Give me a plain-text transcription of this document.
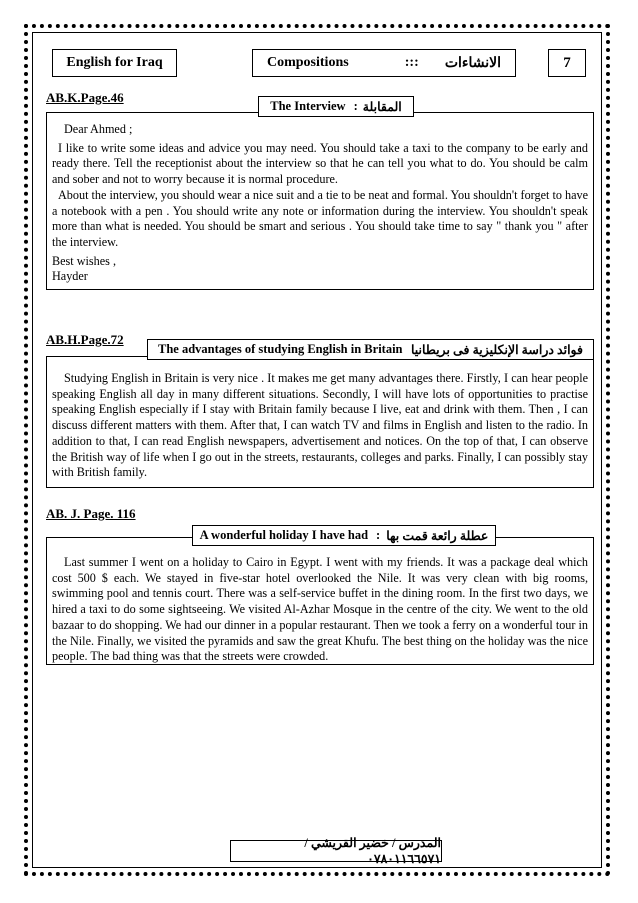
English for Iraq	Compositions	::: الانشاءات	7
AB.K.Page.46
The Interview : المقابلة

Dear Ahmed ;

I like to write some ideas and advice you may need. You should take a taxi to the company to be early and ready there. Tell the receptionist about the interview so that he can tell you what to do. You should be calm and sober and not to worry because it is normal procedure.

About the interview, you should wear a nice suit and a tie to be neat and formal. You shouldn't forget to have a notebook with a pen . You should write any note or information during the interview. You shouldn't speak more than what is needed. You should be smart and serious . You should take time to say " thank you " after the interview.

Best wishes ,

Hayder

AB.H.Page.72
The advantages of studying English in Britain فوائد دراسة الإنكليزية فى بريطانيا

Studying English in Britain is very nice . It makes me get many advantages there. Firstly, I can hear people speaking English all day in many different situations. Secondly, I will have lots of opportunities to practise speaking English especially if I stay with Britain family because I live, eat and drink with them. Then , I can discuss different matters with them. After that, I can watch TV and films in English and listen to the radio. In addition to that, I can read English newspapers, advertisement and notices. On the top of that, I can observe the British way of life when I go out in the streets, restaurants, colleges and parks. Finally, I can possibly stay with British family.

AB. J. Page. 116
A wonderful holiday I have had : عطلة رائعة قمت بها

Last summer I went on a holiday to Cairo in Egypt. I went with my friends. It was a package deal which cost 500 $ each. We stayed in five-star hotel overlooked the Nile. It was very clean with big rooms, swimming pool and tennis court. There was a self-service buffet in the dining room. In the first two days, we hired a taxi to do some sightseeing. We visited Al-Azhar Mosque in the centre of the city. We went to the old bazaar to do shopping. We had our dinner in a popular restaurant. Then we took a ferry on a wonderful tour in the Nile. Finally, we visited the pyramids and saw the great Khufu. The best thing on the holiday was the nice people. The bad thing was that the streets were crowded.

المدرس / خضير القريشي / ٠٧٨٠١١٦٦٥٧١
